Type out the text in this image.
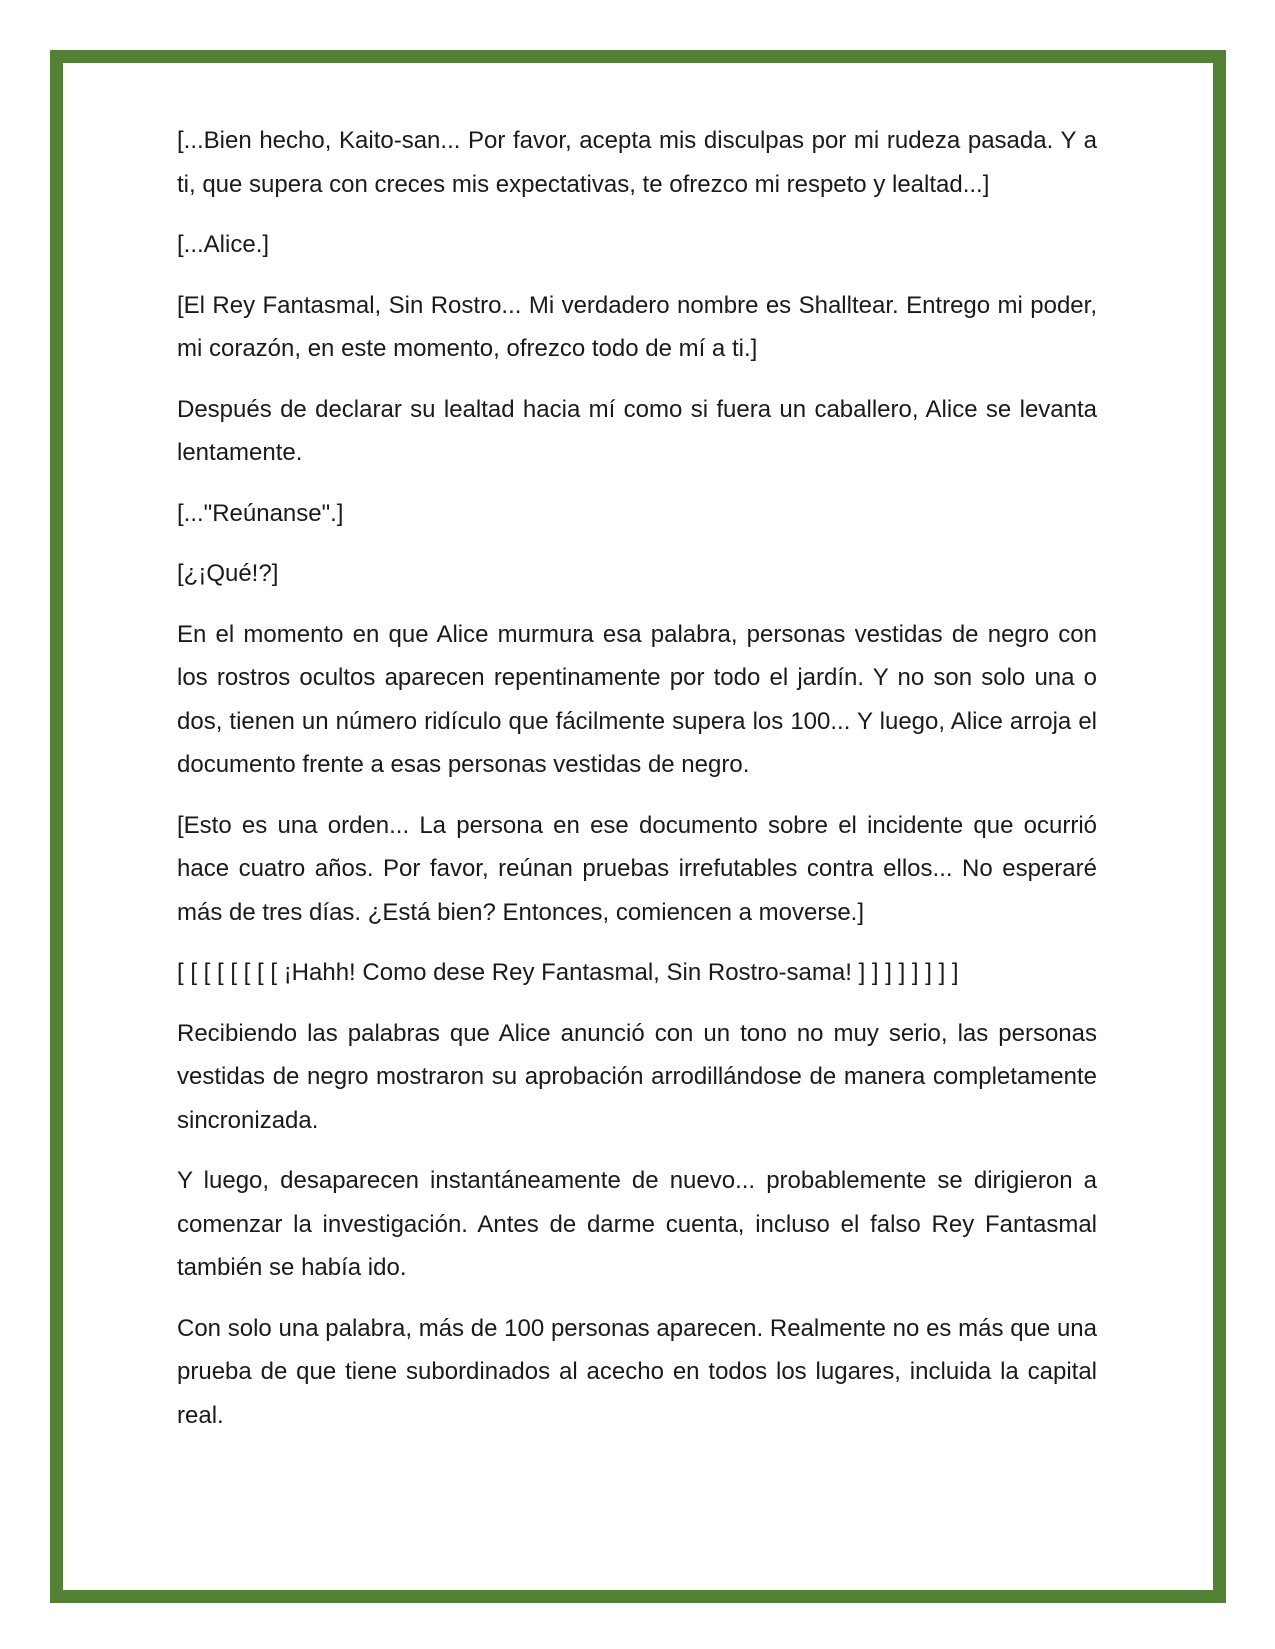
[...Bien hecho, Kaito-san... Por favor, acepta mis disculpas por mi rudeza pasada. Y a ti, que supera con creces mis expectativas, te ofrezco mi respeto y lealtad...]

[...Alice.]

[El Rey Fantasmal, Sin Rostro... Mi verdadero nombre es Shalltear. Entrego mi poder, mi corazón, en este momento, ofrezco todo de mí a ti.]

Después de declarar su lealtad hacia mí como si fuera un caballero, Alice se levanta lentamente.

[..."Reúnanse".]

[¿¡Qué!?]

En el momento en que Alice murmura esa palabra, personas vestidas de negro con los rostros ocultos aparecen repentinamente por todo el jardín. Y no son solo una o dos, tienen un número ridículo que fácilmente supera los 100... Y luego, Alice arroja el documento frente a esas personas vestidas de negro.

[Esto es una orden... La persona en ese documento sobre el incidente que ocurrió hace cuatro años. Por favor, reúnan pruebas irrefutables contra ellos... No esperaré más de tres días. ¿Está bien? Entonces, comiencen a moverse.]

[ [ [ [ [ [ [ [ ¡Hahh! Como dese Rey Fantasmal, Sin Rostro-sama! ] ] ] ] ] ] ] ]

Recibiendo las palabras que Alice anunció con un tono no muy serio, las personas vestidas de negro mostraron su aprobación arrodillándose de manera completamente sincronizada.

Y luego, desaparecen instantáneamente de nuevo... probablemente se dirigieron a comenzar la investigación. Antes de darme cuenta, incluso el falso Rey Fantasmal también se había ido.

Con solo una palabra, más de 100 personas aparecen. Realmente no es más que una prueba de que tiene subordinados al acecho en todos los lugares, incluida la capital real.
